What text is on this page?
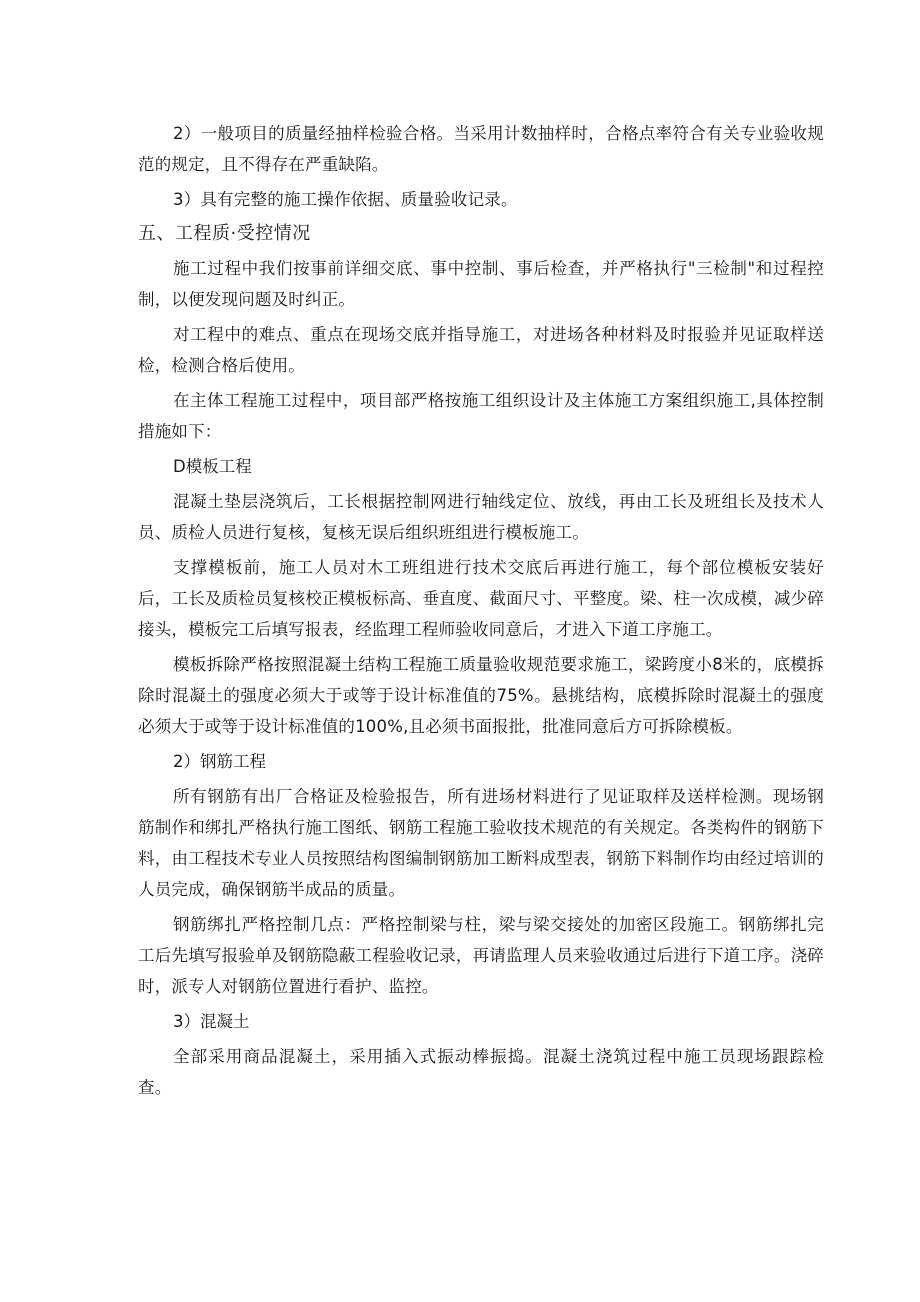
2）一般项目的质量经抽样检验合格。当采用计数抽样时，合格点率符合有关专业验收规范的规定，且不得存在严重缺陷。

3）具有完整的施工操作依据、质量验收记录。

五、工程质·受控情况

施工过程中我们按事前详细交底、事中控制、事后检查，并严格执行"三检制"和过程控制，以便发现问题及时纠正。

对工程中的难点、重点在现场交底并指导施工，对进场各种材料及时报验并见证取样送检，检测合格后使用。

在主体工程施工过程中，项目部严格按施工组织设计及主体施工方案组织施工,具体控制措施如下：

D模板工程

混凝土垫层浇筑后，工长根据控制网进行轴线定位、放线，再由工长及班组长及技术人员、质检人员进行复核，复核无误后组织班组进行模板施工。

支撑模板前，施工人员对木工班组进行技术交底后再进行施工，每个部位模板安装好后，工长及质检员复核校正模板标高、垂直度、截面尺寸、平整度。梁、柱一次成模，减少碎接头，模板完工后填写报表，经监理工程师验收同意后，才进入下道工序施工。

模板拆除严格按照混凝土结构工程施工质量验收规范要求施工，梁跨度小8米的，底模拆除时混凝土的强度必须大于或等于设计标准值的75%。悬挑结构，底模拆除时混凝土的强度必须大于或等于设计标准值的100%,且必须书面报批，批准同意后方可拆除模板。

2）钢筋工程

所有钢筋有出厂合格证及检验报告，所有进场材料进行了见证取样及送样检测。现场钢筋制作和绑扎严格执行施工图纸、钢筋工程施工验收技术规范的有关规定。各类构件的钢筋下料，由工程技术专业人员按照结构图编制钢筋加工断料成型表，钢筋下料制作均由经过培训的人员完成，确保钢筋半成品的质量。

钢筋绑扎严格控制几点：严格控制梁与柱，梁与梁交接处的加密区段施工。钢筋绑扎完工后先填写报验单及钢筋隐蔽工程验收记录，再请监理人员来验收通过后进行下道工序。浇碎时，派专人对钢筋位置进行看护、监控。

3）混凝土

全部采用商品混凝土，采用插入式振动棒振捣。混凝土浇筑过程中施工员现场跟踪检查。
